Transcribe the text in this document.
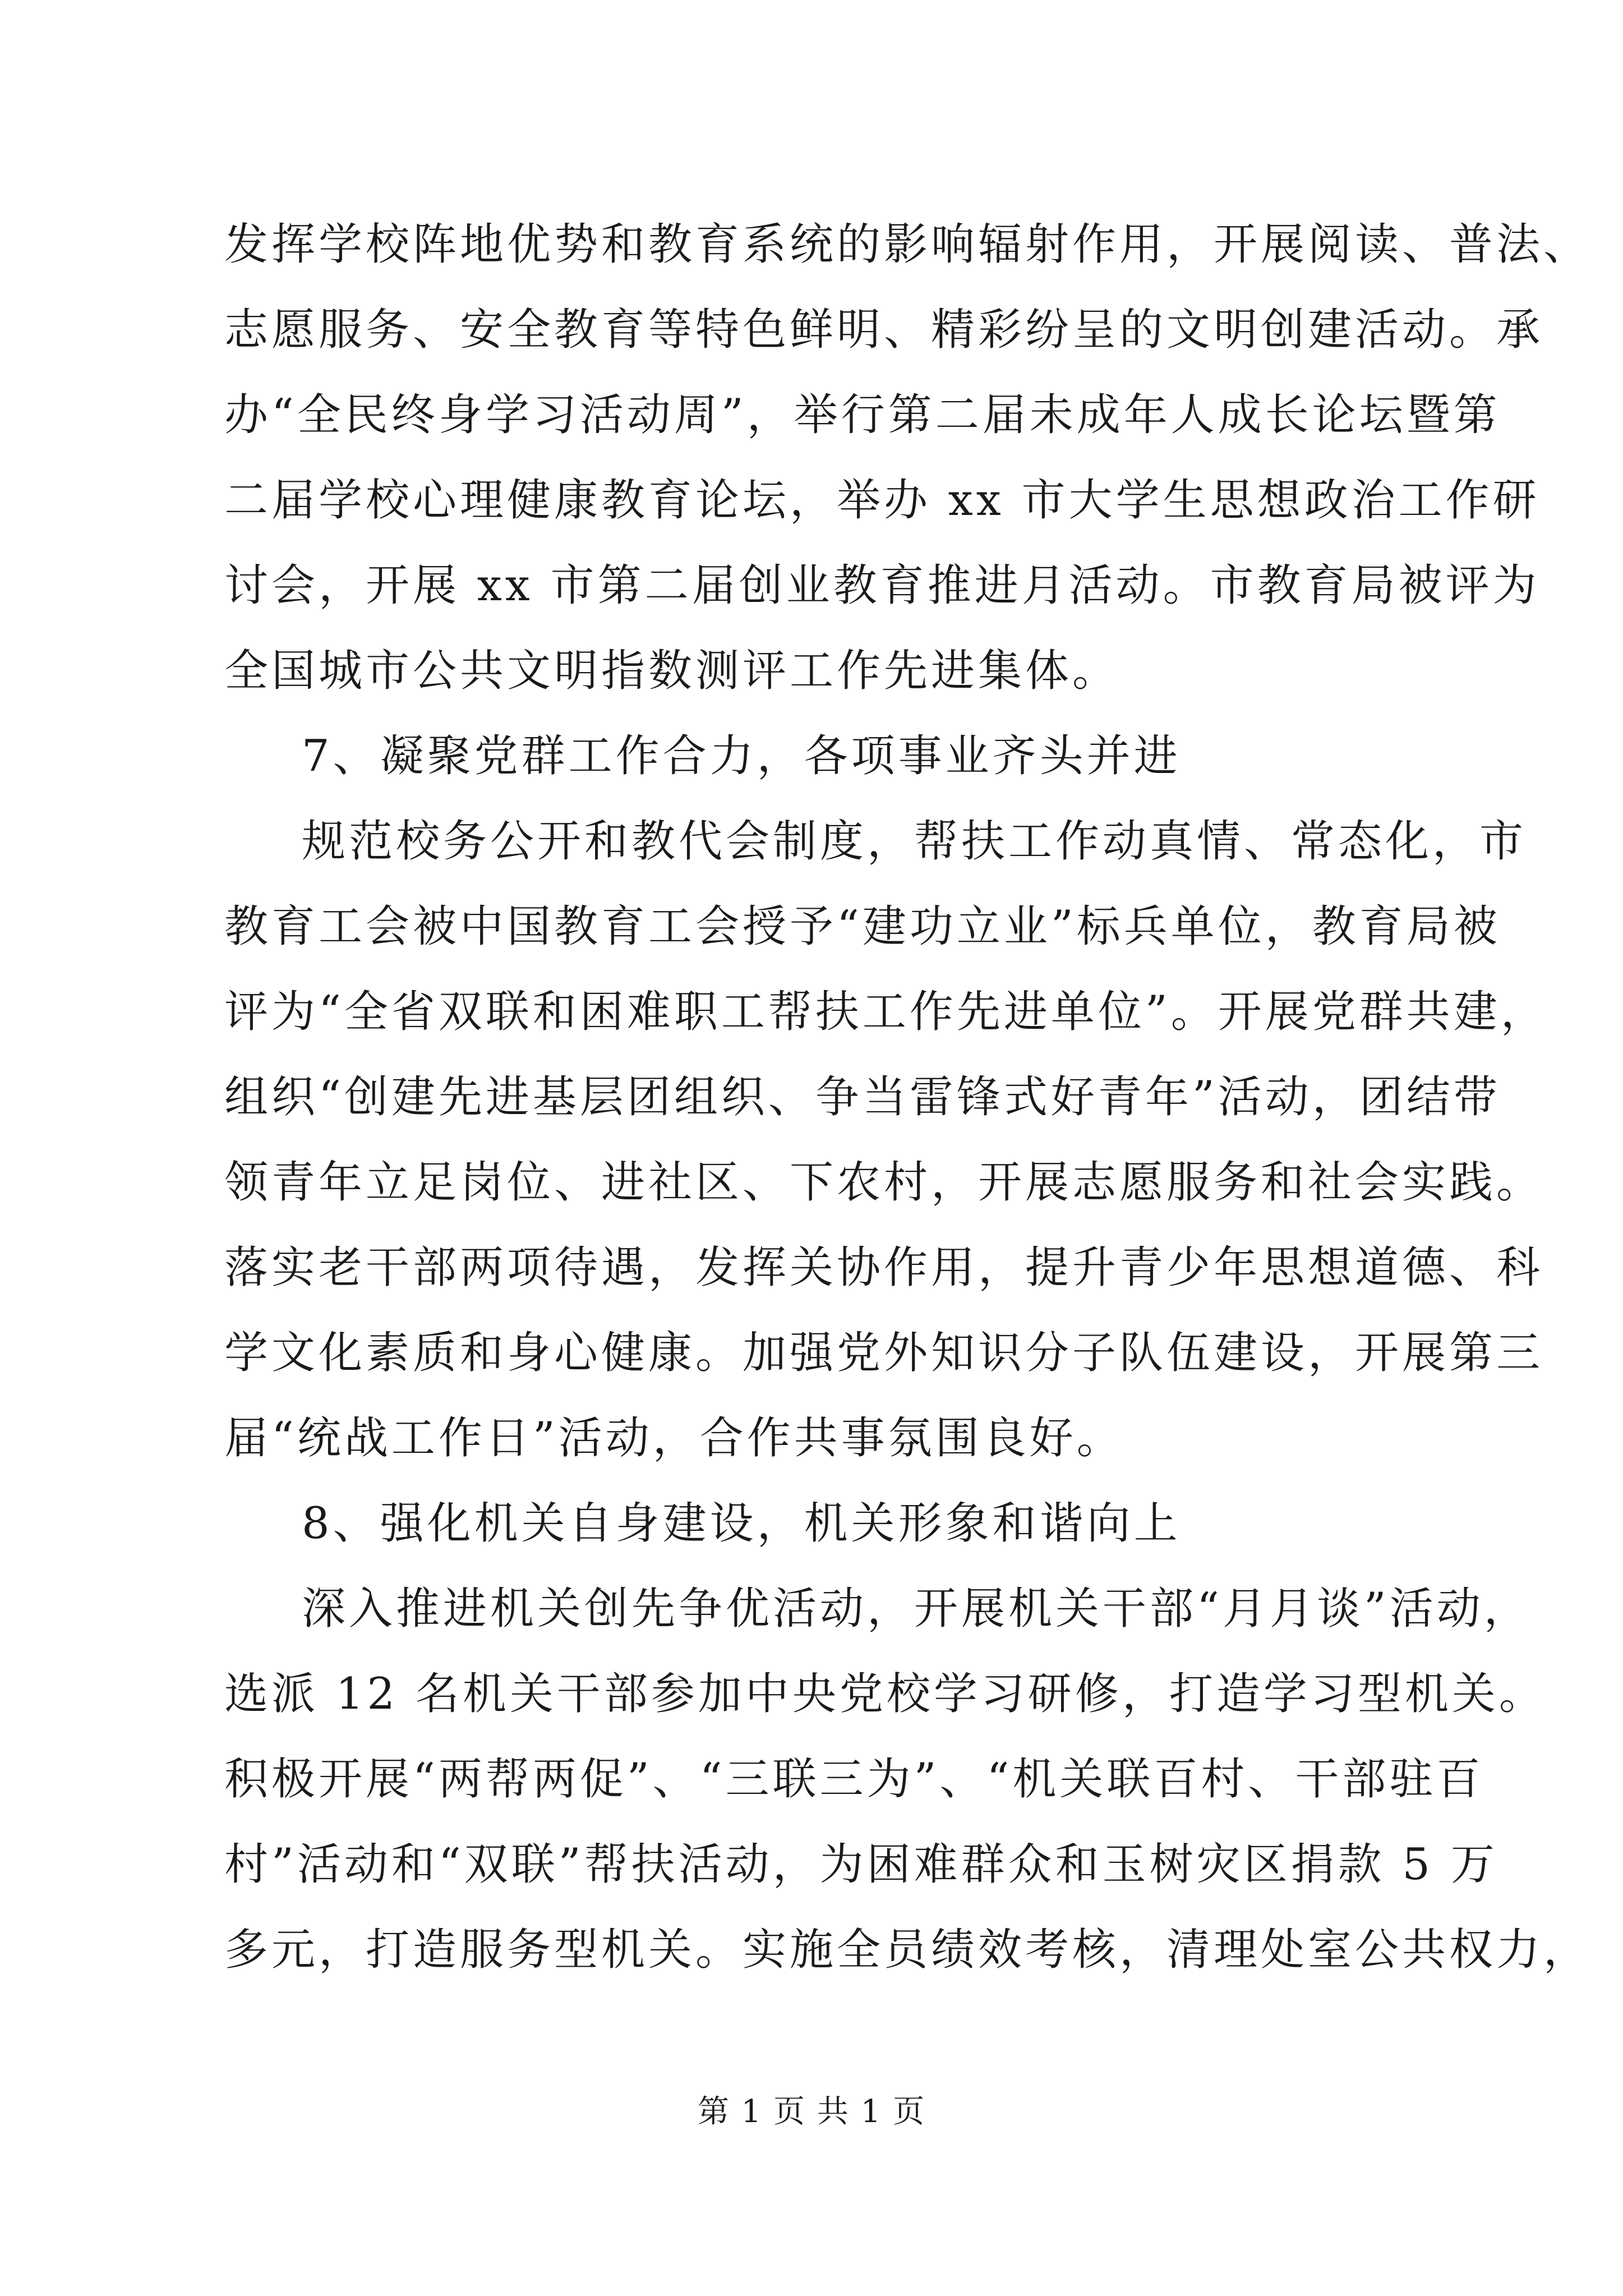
发挥学校阵地优势和教育系统的影响辐射作用，开展阅读、普法、
志愿服务、安全教育等特色鲜明、精彩纷呈的文明创建活动。承
办“全民终身学习活动周”，举行第二届未成年人成长论坛暨第
二届学校心理健康教育论坛，举办 xx 市大学生思想政治工作研
讨会，开展 xx 市第二届创业教育推进月活动。市教育局被评为
全国城市公共文明指数测评工作先进集体。
7、凝聚党群工作合力，各项事业齐头并进
规范校务公开和教代会制度，帮扶工作动真情、常态化，市
教育工会被中国教育工会授予“建功立业”标兵单位，教育局被
评为“全省双联和困难职工帮扶工作先进单位”。开展党群共建，
组织“创建先进基层团组织、争当雷锋式好青年”活动，团结带
领青年立足岗位、进社区、下农村，开展志愿服务和社会实践。
落实老干部两项待遇，发挥关协作用，提升青少年思想道德、科
学文化素质和身心健康。加强党外知识分子队伍建设，开展第三
届“统战工作日”活动，合作共事氛围良好。
8、强化机关自身建设，机关形象和谐向上
深入推进机关创先争优活动，开展机关干部“月月谈”活动，
选派 12 名机关干部参加中央党校学习研修，打造学习型机关。
积极开展“两帮两促”、“三联三为”、“机关联百村、干部驻百
村”活动和“双联”帮扶活动，为困难群众和玉树灾区捐款 5 万
多元，打造服务型机关。实施全员绩效考核，清理处室公共权力，
第 1 页 共 1 页
